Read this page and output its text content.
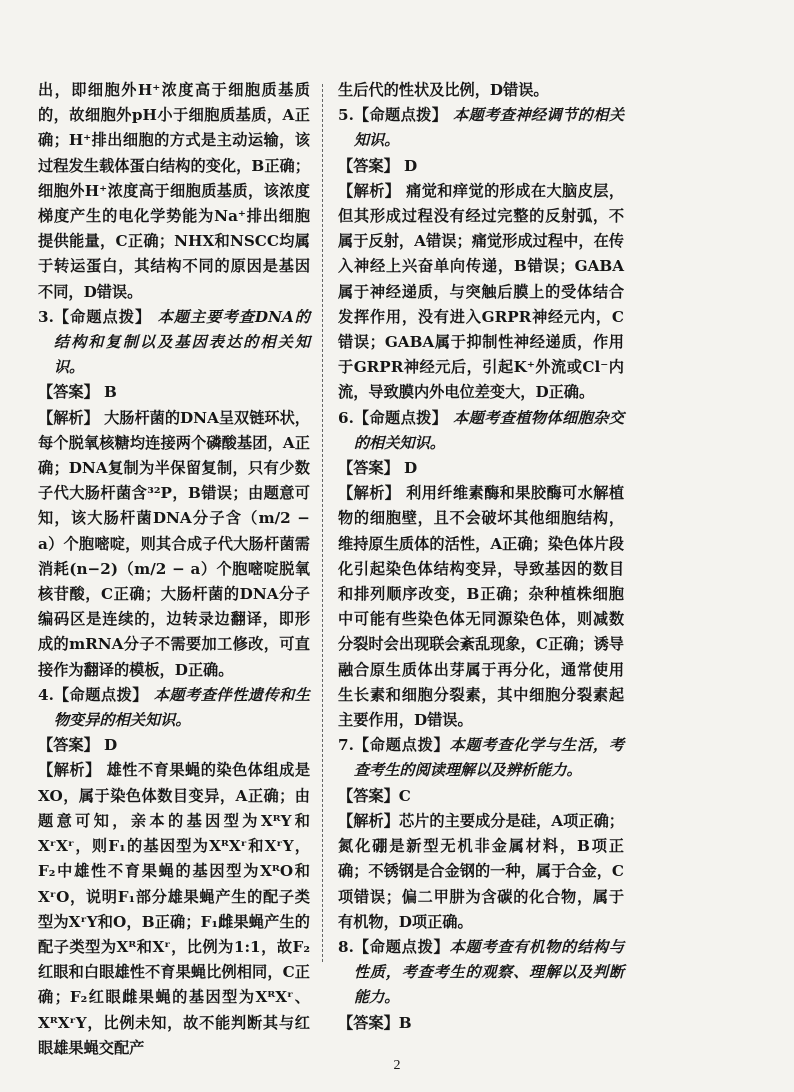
出，即细胞外H⁺浓度高于细胞质基质的，故细胞外pH小于细胞质基质，A正确；H⁺排出细胞的方式是主动运输，该过程发生载体蛋白结构的变化，B正确；细胞外H⁺浓度高于细胞质基质，该浓度梯度产生的电化学势能为Na⁺排出细胞提供能量，C正确；NHX和NSCC均属于转运蛋白，其结构不同的原因是基因不同，D错误。

3. 【命题点拨】 本题主要考查DNA的结构和复制以及基因表达的相关知识。

【答案】 B

【解析】 大肠杆菌的DNA呈双链环状，每个脱氧核糖均连接两个磷酸基团，A正确；DNA复制为半保留复制，只有少数子代大肠杆菌含³²P，B错误；由题意可知，该大肠杆菌DNA分子含（m/2 − a）个胞嘧啶，则其合成子代大肠杆菌需消耗(n−2)（m/2 − a）个胞嘧啶脱氧核苷酸，C正确；大肠杆菌的DNA分子编码区是连续的，边转录边翻译，即形成的mRNA分子不需要加工修改，可直接作为翻译的模板，D正确。

4. 【命题点拨】 本题考查伴性遗传和生物变异的相关知识。

【答案】 D

【解析】 雄性不育果蝇的染色体组成是XO，属于染色体数目变异，A正确；由题意可知，亲本的基因型为XᴿY和XʳXʳ，则F₁的基因型为XᴿXʳ和XʳY，F₂中雄性不育果蝇的基因型为XᴿO和XʳO，说明F₁部分雄果蝇产生的配子类型为XʳY和O，B正确；F₁雌果蝇产生的配子类型为Xᴿ和Xʳ，比例为1:1，故F₂红眼和白眼雄性不育果蝇比例相同，C正确；F₂红眼雌果蝇的基因型为XᴿXʳ、XᴿXʳY，比例未知，故不能判断其与红眼雄果蝇交配产

生后代的性状及比例，D错误。

5. 【命题点拨】 本题考查神经调节的相关知识。

【答案】 D

【解析】 痛觉和痒觉的形成在大脑皮层，但其形成过程没有经过完整的反射弧，不属于反射，A错误；痛觉形成过程中，在传入神经上兴奋单向传递，B错误；GABA属于神经递质，与突触后膜上的受体结合发挥作用，没有进入GRPR神经元内，C错误；GABA属于抑制性神经递质，作用于GRPR神经元后，引起K⁺外流或Cl⁻内流，导致膜内外电位差变大，D正确。

6. 【命题点拨】 本题考查植物体细胞杂交的相关知识。

【答案】 D

【解析】 利用纤维素酶和果胶酶可水解植物的细胞壁，且不会破坏其他细胞结构，维持原生质体的活性，A正确；染色体片段化引起染色体结构变异，导致基因的数目和排列顺序改变，B正确；杂种植株细胞中可能有些染色体无同源染色体，则减数分裂时会出现联会紊乱现象，C正确；诱导融合原生质体出芽属于再分化，通常使用生长素和细胞分裂素，其中细胞分裂素起主要作用，D错误。

7. 【命题点拨】本题考查化学与生活，考查考生的阅读理解以及辨析能力。

【答案】C

【解析】芯片的主要成分是硅，A项正确；氮化硼是新型无机非金属材料，B项正确；不锈钢是合金钢的一种，属于合金，C项错误；偏二甲肼为含碳的化合物，属于有机物，D项正确。

8. 【命题点拨】本题考查有机物的结构与性质，考查考生的观察、理解以及判断能力。

【答案】B

2
